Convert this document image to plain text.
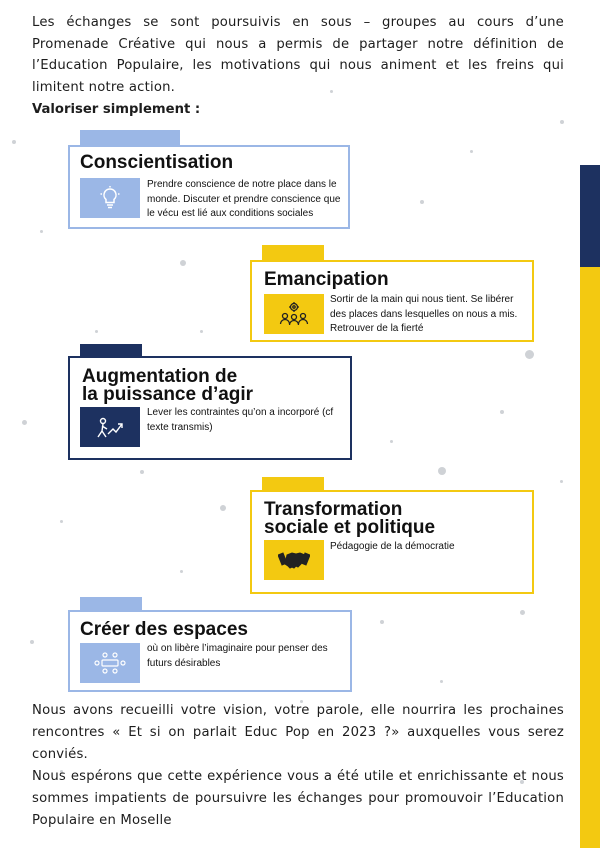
Les échanges se sont poursuivis en sous – groupes au cours d’une Promenade Créative qui nous a permis de partager notre définition de l’Education Populaire, les motivations qui nous animent et les freins qui limitent notre action.
Valoriser simplement :
Conscientisation
Prendre conscience de notre place dans le monde. Discuter et prendre conscience que le vécu est lié aux conditions sociales
Emancipation
Sortir de la main qui nous tient. Se libérer des places dans lesquelles on nous a mis. Retrouver de la fierté
Augmentation de
la puissance d’agir
Lever les contraintes qu’on a incorporé (cf texte transmis)
Transformation
sociale et politique
Pédagogie de la démocratie
Créer des espaces
où on libère l’imaginaire pour penser des futurs désirables
Nous avons recueilli votre vision, votre parole, elle nourrira les prochaines rencontres « Et si on parlait Educ Pop en 2023 ?» auxquelles vous serez conviés.
Nous espérons que cette expérience vous a été utile et enrichissante et nous sommes impatients de poursuivre les échanges pour promouvoir l’Education Populaire en Moselle
